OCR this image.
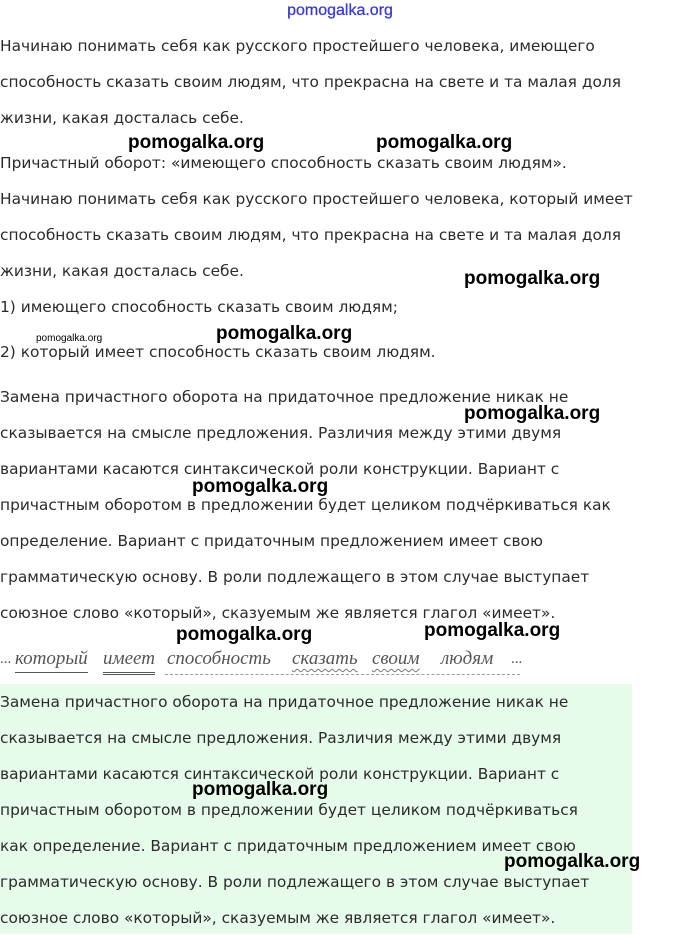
pomogalka.org

Начинаю понимать себя как русского простейшего человека, имеющего

способность сказать своим людям, что прекрасна на свете и та малая доля

жизни, какая досталась себе.

Причастный оборот: «имеющего способность сказать своим людям».

Начинаю понимать себя как русского простейшего человека, который имеет

способность сказать своим людям, что прекрасна на свете и та малая доля

жизни, какая досталась себе.

1) имеющего способность сказать своим людям;

2) который имеет способность сказать своим людям.

Замена причастного оборота на придаточное предложение никак не

сказывается на смысле предложения. Различия между этими двумя

вариантами касаются синтаксической роли конструкции. Вариант с

причастным оборотом в предложении будет целиком подчёркиваться как

определение. Вариант с придаточным предложением имеет свою

грамматическую основу. В роли подлежащего в этом случае выступает

союзное слово «который», сказуемым же является глагол «имеет».

... который имеет способность сказать своим людям ...

Замена причастного оборота на придаточное предложение никак не

сказывается на смысле предложения. Различия между этими двумя

вариантами касаются синтаксической роли конструкции. Вариант с

причастным оборотом в предложении будет целиком подчёркиваться

как определение. Вариант с придаточным предложением имеет свою

грамматическую основу. В роли подлежащего в этом случае выступает

союзное слово «который», сказуемым же является глагол «имеет».

pomogalka.org	pomogalka.org
pomogalka.org
pomogalka.org	pomogalka.org
pomogalka.org
pomogalka.org
pomogalka.org	pomogalka.org
pomogalka.org
pomogalka.org
